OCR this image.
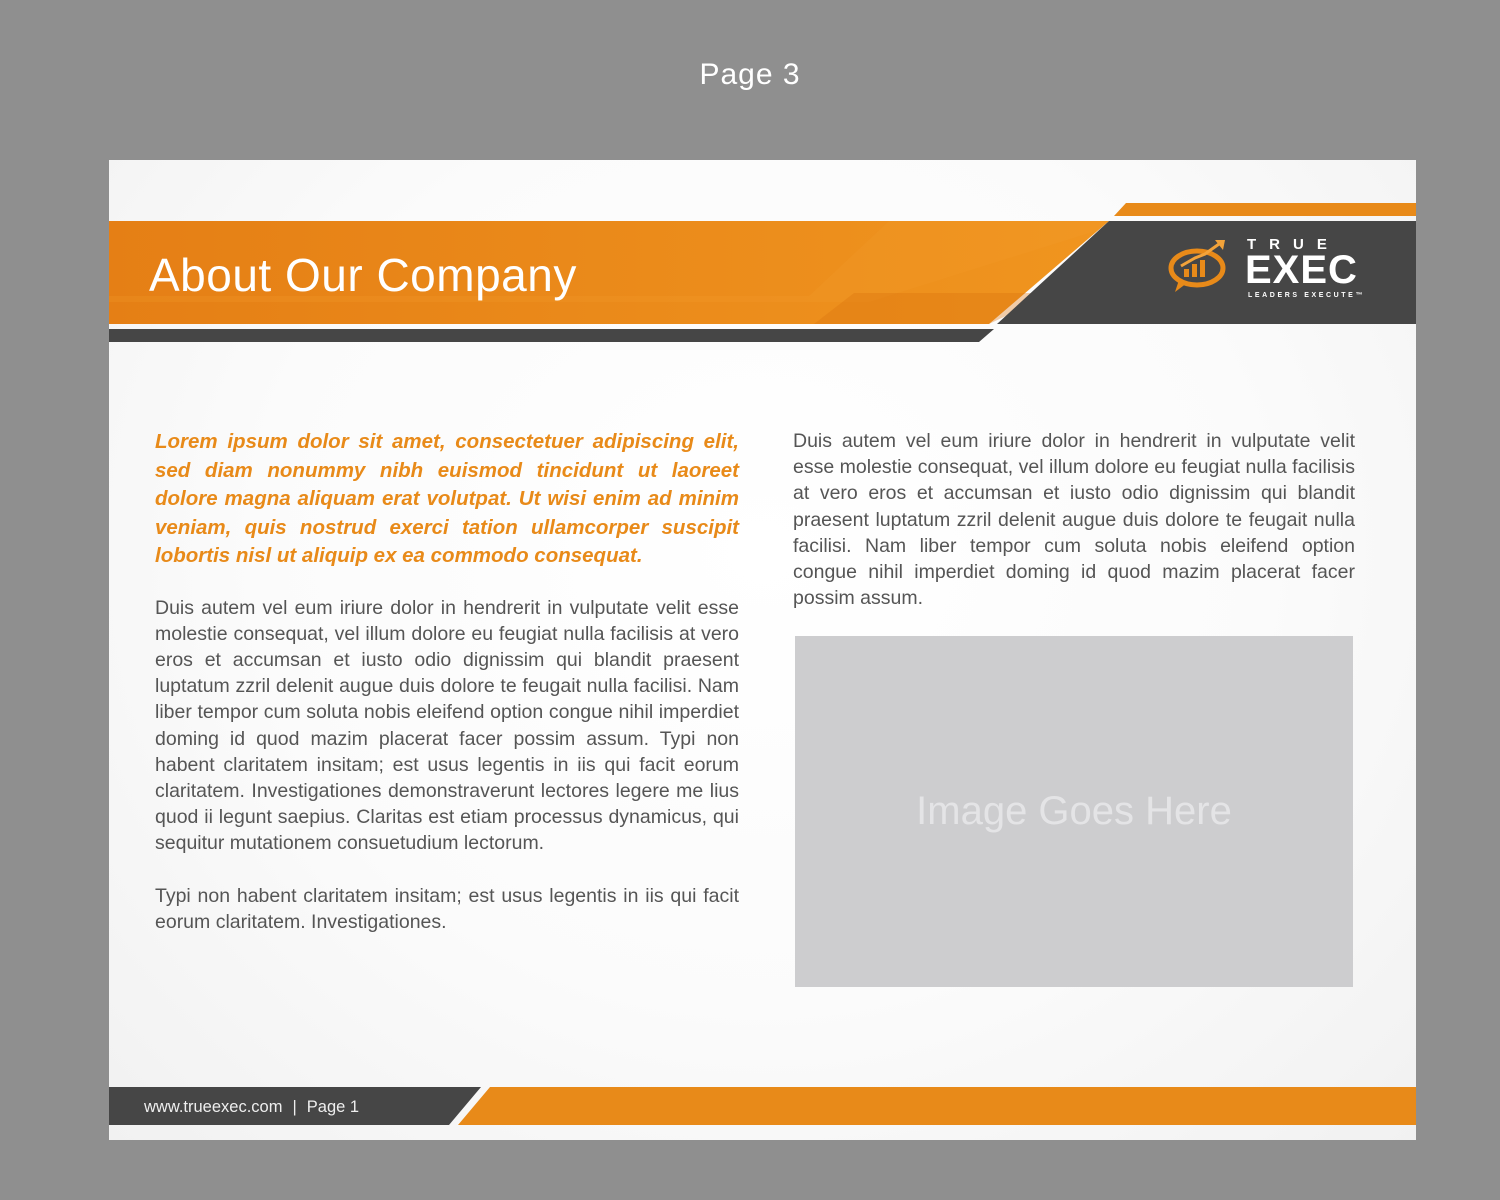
Page 3
About Our Company
TRUE
EXEC
LEADERS EXECUTE™

Lorem ipsum dolor sit amet, consectetuer adipiscing elit, sed diam nonummy nibh euismod tincidunt ut laoreet dolore magna aliquam erat volutpat. Ut wisi enim ad minim veniam, quis nostrud exerci tation ullamcorper suscipit lobortis nisl ut aliquip ex ea commodo consequat.

Duis autem vel eum iriure dolor in hendrerit in vulputate velit esse molestie consequat, vel illum dolore eu feugiat nulla facilisis at vero eros et accumsan et iusto odio dignissim qui blandit praesent luptatum zzril delenit augue duis dolore te feugait nulla facilisi. Nam liber tempor cum soluta nobis eleifend option congue nihil imperdiet doming id quod mazim placerat facer possim assum. Typi non habent claritatem insitam; est usus legentis in iis qui facit eorum claritatem. Investigationes demonstraverunt lectores legere me lius quod ii legunt saepius. Claritas est etiam processus dynamicus, qui sequitur mutationem consuetudium lectorum.

Typi non habent claritatem insitam; est usus legentis in iis qui facit eorum claritatem. Investigationes.

Duis autem vel eum iriure dolor in hendrerit in vulputate velit esse molestie consequat, vel illum dolore eu feugiat nulla facilisis at vero eros et accumsan et iusto odio dignissim qui blandit praesent luptatum zzril delenit augue duis dolore te feugait nulla facilisi. Nam liber tempor cum soluta nobis eleifend option congue nihil imperdiet doming id quod mazim placerat facer possim assum.

Image Goes Here
www.trueexec.com | Page 1
